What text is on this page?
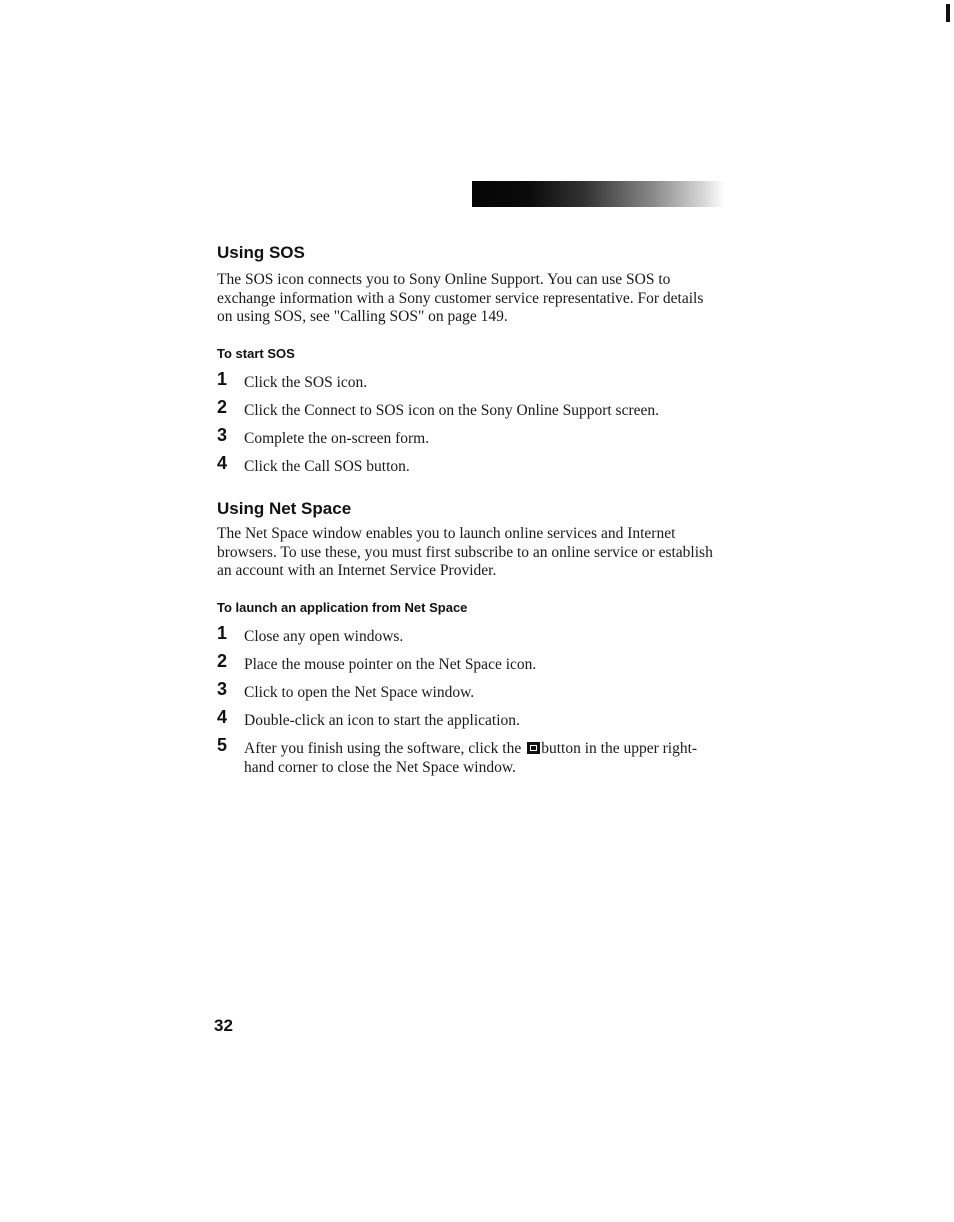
Using SOS

The SOS icon connects you to Sony Online Support. You can use SOS to exchange information with a Sony customer service representative. For details on using SOS, see "Calling SOS" on page 149.

To start SOS
1 Click the SOS icon.
2 Click the Connect to SOS icon on the Sony Online Support screen.
3 Complete the on-screen form.
4 Click the Call SOS button.
Using Net Space

The Net Space window enables you to launch online services and Internet browsers. To use these, you must first subscribe to an online service or establish an account with an Internet Service Provider.

To launch an application from Net Space
1 Close any open windows.
2 Place the mouse pointer on the Net Space icon.
3 Click to open the Net Space window.
4 Double-click an icon to start the application.
5 After you finish using the software, click the button in the upper right-hand corner to close the Net Space window.
32
